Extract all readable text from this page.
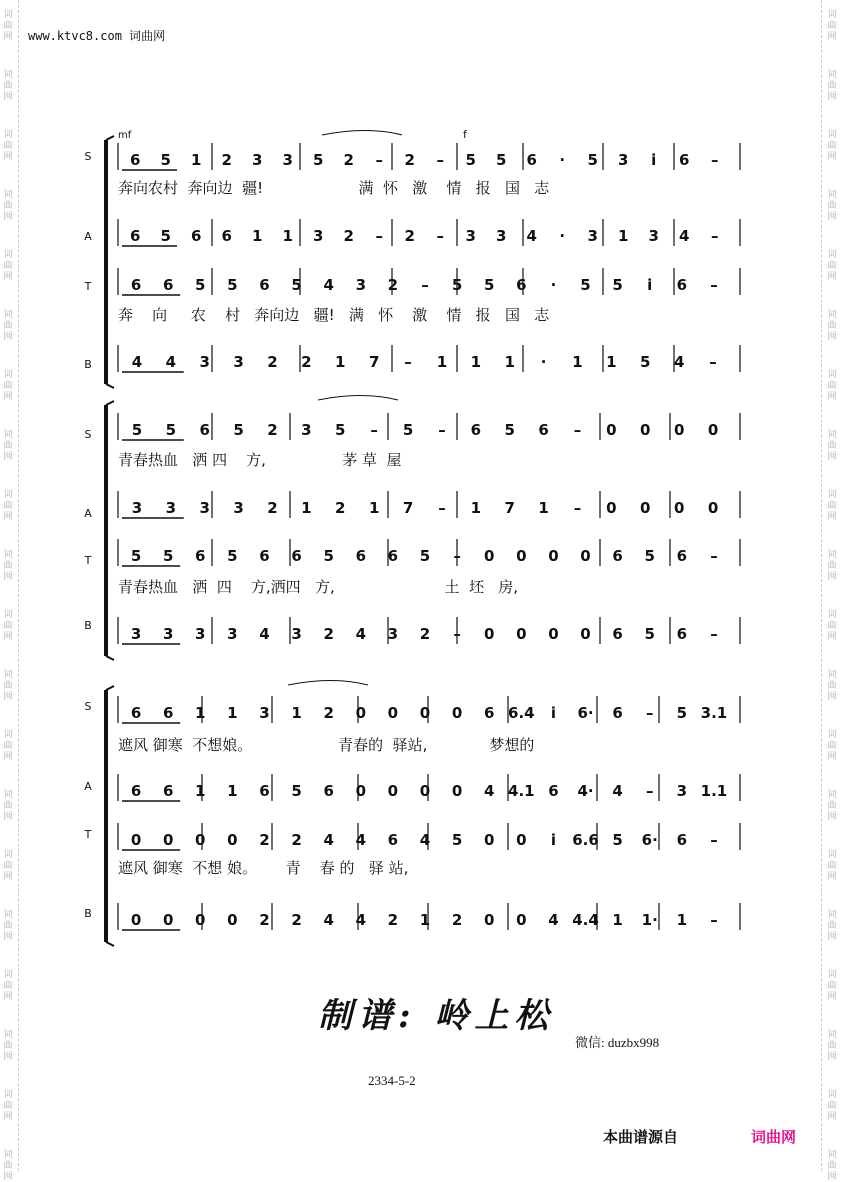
www.ktvc8.com 词曲网
词
曲
网
词
曲
网
词
曲
网
词
曲
网
词
曲
网
词
曲
网
词
曲
网
词
曲
网
词
曲
网
词
曲
网
词
曲
网
词
曲
网
词
曲
网
词
曲
网
词
曲
网
词
曲
网
词
曲
网
词
曲
网
词
曲
网
词
曲
网
词
曲
网
词
曲
网
词
曲
网
词
曲
网
词
曲
网
词
曲
网
词
曲
网
词
曲
网
词
曲
网
词
曲
网
词
曲
网
词
曲
网
词
曲
网
词
曲
网
词
曲
网
词
曲
网
词
曲
网
词
曲
网
词
曲
网
词
曲
网
S
A
T
B
6 5 1 2 3 3 5 2 – 2 – 5 5 6 · 5 3 i 6 –
奔向农村  奔向边  疆!                    满  怀   激    情   报   国   志
6 5 6 6 1 1 3 2 – 2 – 3 3 4 · 3 1 3 4 –
6 6 5 5 6 5 4 3 2 – 5 5 6 · 5 5 i 6 –
奔    向     农    村   奔向边   疆!   满   怀    激    情   报   国   志
4 4 3 3 2 2 1 7 – 1 1 1 · 1 1 5 4 –
S
A
T
B
5 5 6 5 2 3 5 – 5 – 6 5 6 – 0 0 0 0
青春热血   洒 四    方,                茅 草  屋
3 3 3 3 2 1 2 1 7 – 1 7 1 – 0 0 0 0
5 5 6 5 6 6 5 6 6 5 – 0 0 0 0 6 5 6 –
青春热血   洒  四    方,洒四   方,                       土  坯   房,
3 3 3 3 4 3 2 4 3 2 – 0 0 0 0 6 5 6 –
S
A
T
B
6 6 1 1 3 1 2 0 0 0 0 6 6.4 i 6· 6 – 5 3.1
遮风 御寒  不想娘。                  青春的  驿站,             梦想的
6 6 1 1 6 5 6 0 0 0 0 4 4.1 6 4· 4 – 3 1.1
0 0 0 0 2 2 4 4 6 4 5 0 0 i 6.6 5 6· 6 –
遮风 御寒  不想 娘。      青    春 的   驿 站,
0 0 0 0 2 2 4 4 2 1 2 0 0 4 4.4 1 1· 1 –
mf	f
制谱: 岭上松
微信: duzbx998
2334-5-2
本曲谱源自	词曲网
